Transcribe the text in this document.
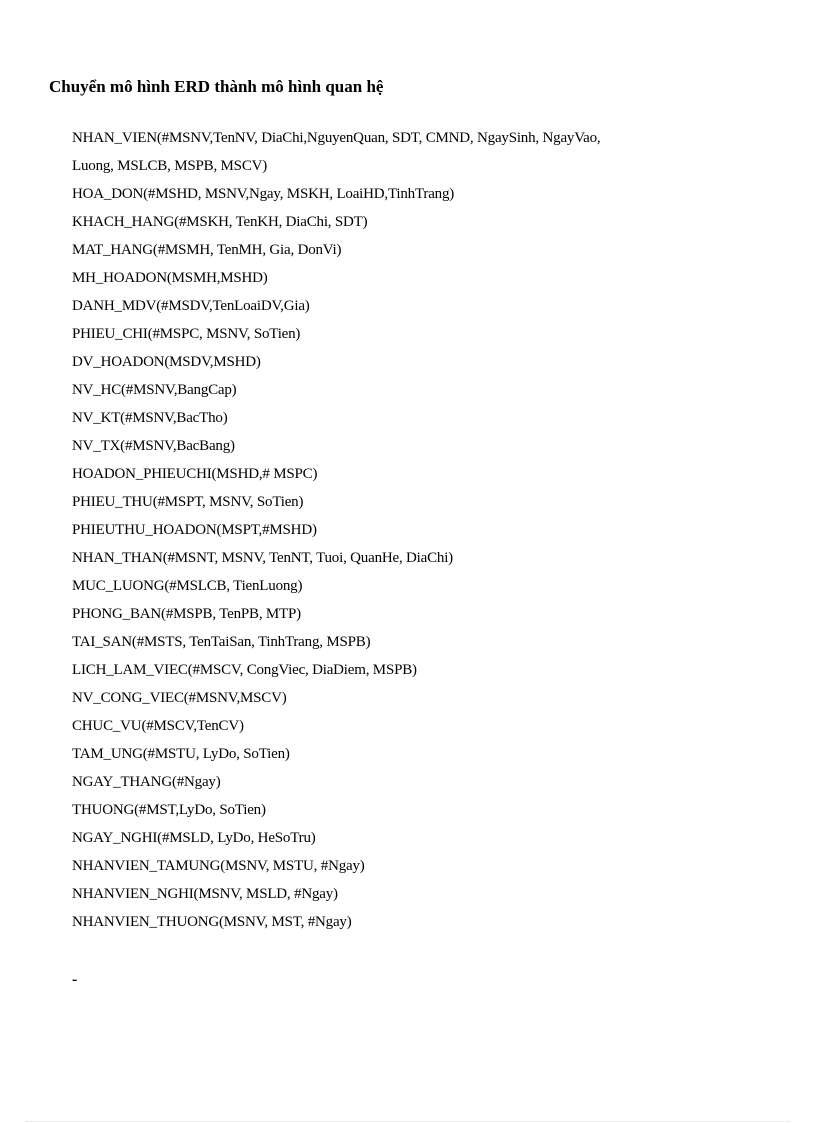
Chuyển mô hình ERD thành mô hình quan hệ
NHAN_VIEN(#MSNV,TenNV, DiaChi,NguyenQuan, SDT, CMND, NgaySinh, NgayVao,
Luong, MSLCB, MSPB, MSCV)
HOA_DON(#MSHD, MSNV,Ngay, MSKH, LoaiHD,TinhTrang)
KHACH_HANG(#MSKH, TenKH, DiaChi, SDT)
MAT_HANG(#MSMH, TenMH, Gia, DonVi)
MH_HOADON(MSMH,MSHD)
DANH_MDV(#MSDV,TenLoaiDV,Gia)
PHIEU_CHI(#MSPC, MSNV, SoTien)
DV_HOADON(MSDV,MSHD)
NV_HC(#MSNV,BangCap)
NV_KT(#MSNV,BacTho)
NV_TX(#MSNV,BacBang)
HOADON_PHIEUCHI(MSHD,# MSPC)
PHIEU_THU(#MSPT, MSNV, SoTien)
PHIEUTHU_HOADON(MSPT,#MSHD)
NHAN_THAN(#MSNT, MSNV, TenNT, Tuoi, QuanHe, DiaChi)
MUC_LUONG(#MSLCB, TienLuong)
PHONG_BAN(#MSPB, TenPB, MTP)
TAI_SAN(#MSTS, TenTaiSan, TinhTrang, MSPB)
LICH_LAM_VIEC(#MSCV, CongViec, DiaDiem, MSPB)
NV_CONG_VIEC(#MSNV,MSCV)
CHUC_VU(#MSCV,TenCV)
TAM_UNG(#MSTU, LyDo, SoTien)
NGAY_THANG(#Ngay)
THUONG(#MST,LyDo, SoTien)
NGAY_NGHI(#MSLD, LyDo, HeSoTru)
NHANVIEN_TAMUNG(MSNV, MSTU, #Ngay)
NHANVIEN_NGHI(MSNV, MSLD, #Ngay)
NHANVIEN_THUONG(MSNV, MST, #Ngay)
-
